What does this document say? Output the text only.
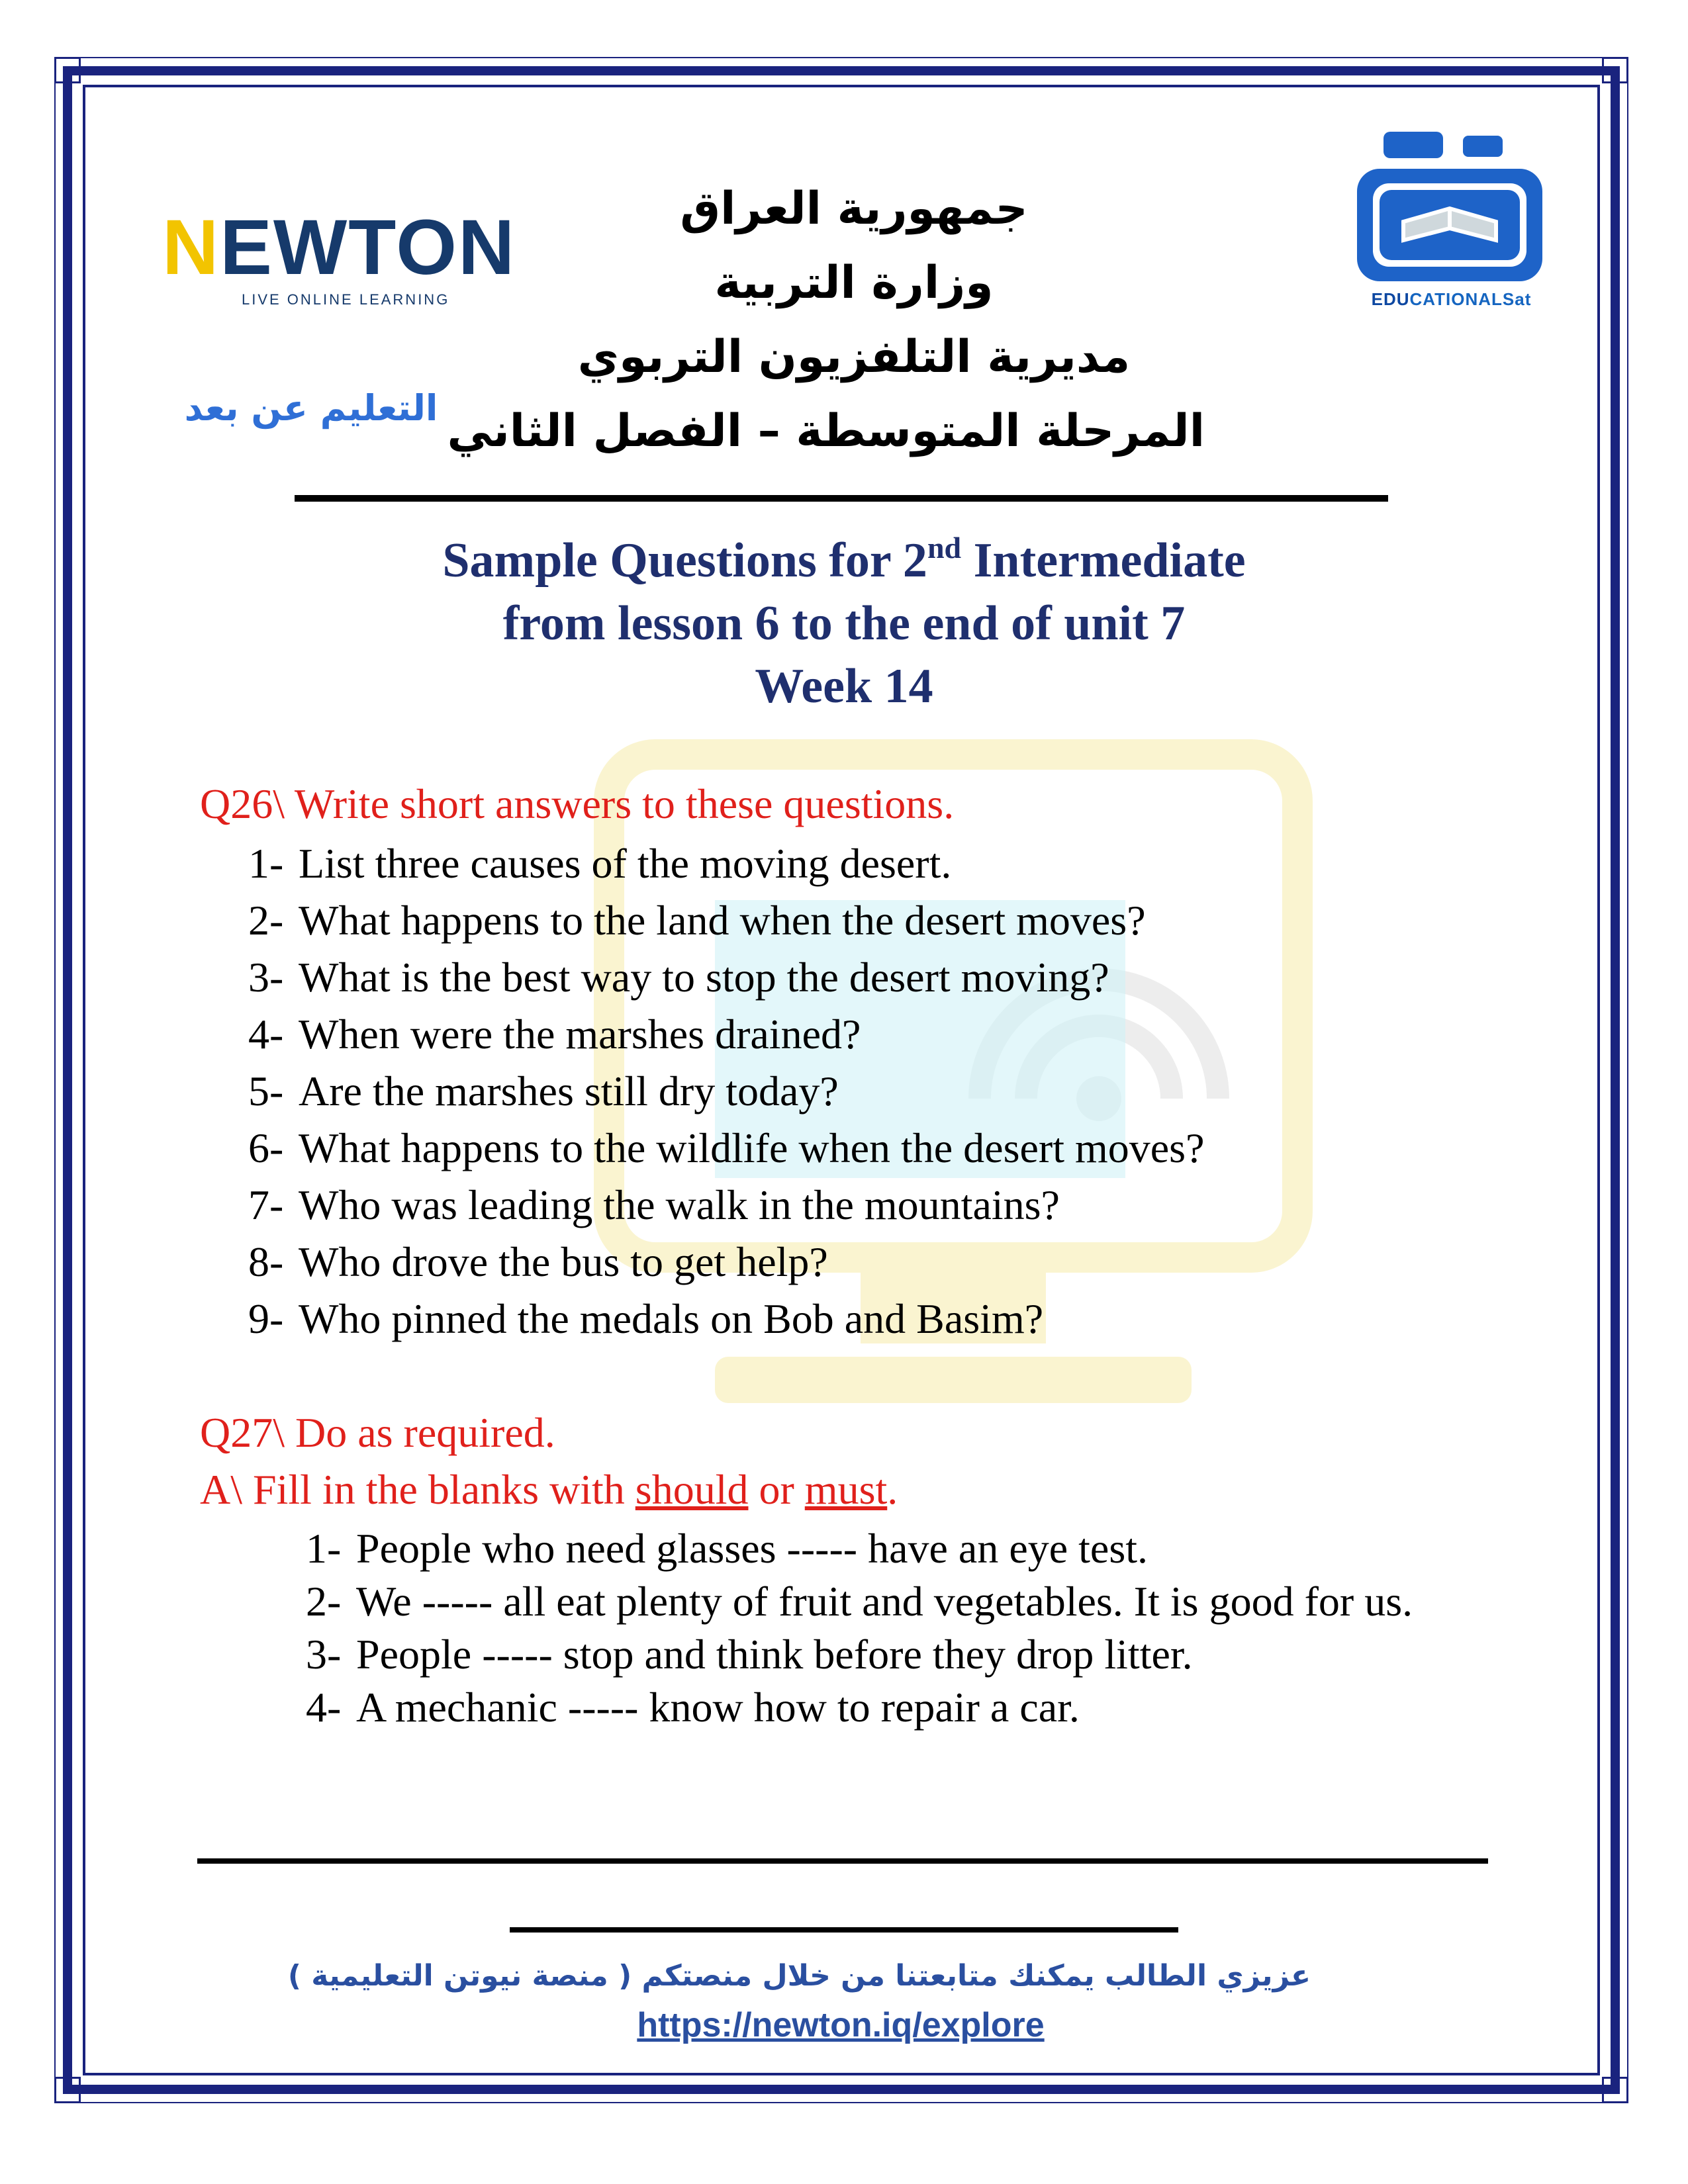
جمهورية العراق
وزارة التربية
مديرية التلفزيون التربوي
المرحلة المتوسطة – الفصل الثاني
NEWTON
LIVE ONLINE LEARNING
التعليم عن بعد
EDUCATIONALSat
Sample Questions for 2nd Intermediate
from lesson 6 to the end of unit 7
Week 14
Q26\ Write short answers to these questions.
1- List three causes of the moving desert.
2- What happens to the land when the desert moves?
3- What is the best way to stop the desert moving?
4- When were the marshes drained?
5- Are the marshes still dry today?
6- What happens to the wildlife when the desert moves?
7- Who was leading the walk in the mountains?
8- Who drove the bus to get help?
9- Who pinned the medals on Bob and Basim?
Q27\ Do as required.
A\ Fill in the blanks with should or must.
1- People who need glasses ----- have an eye test.
2- We ----- all eat plenty of fruit and vegetables. It is good for us.
3- People ----- stop and think before they drop litter.
4- A mechanic ----- know how to repair a car.
عزيزي الطالب يمكنك متابعتنا من خلال منصتكم ( منصة نيوتن التعليمية )
https://newton.iq/explore
